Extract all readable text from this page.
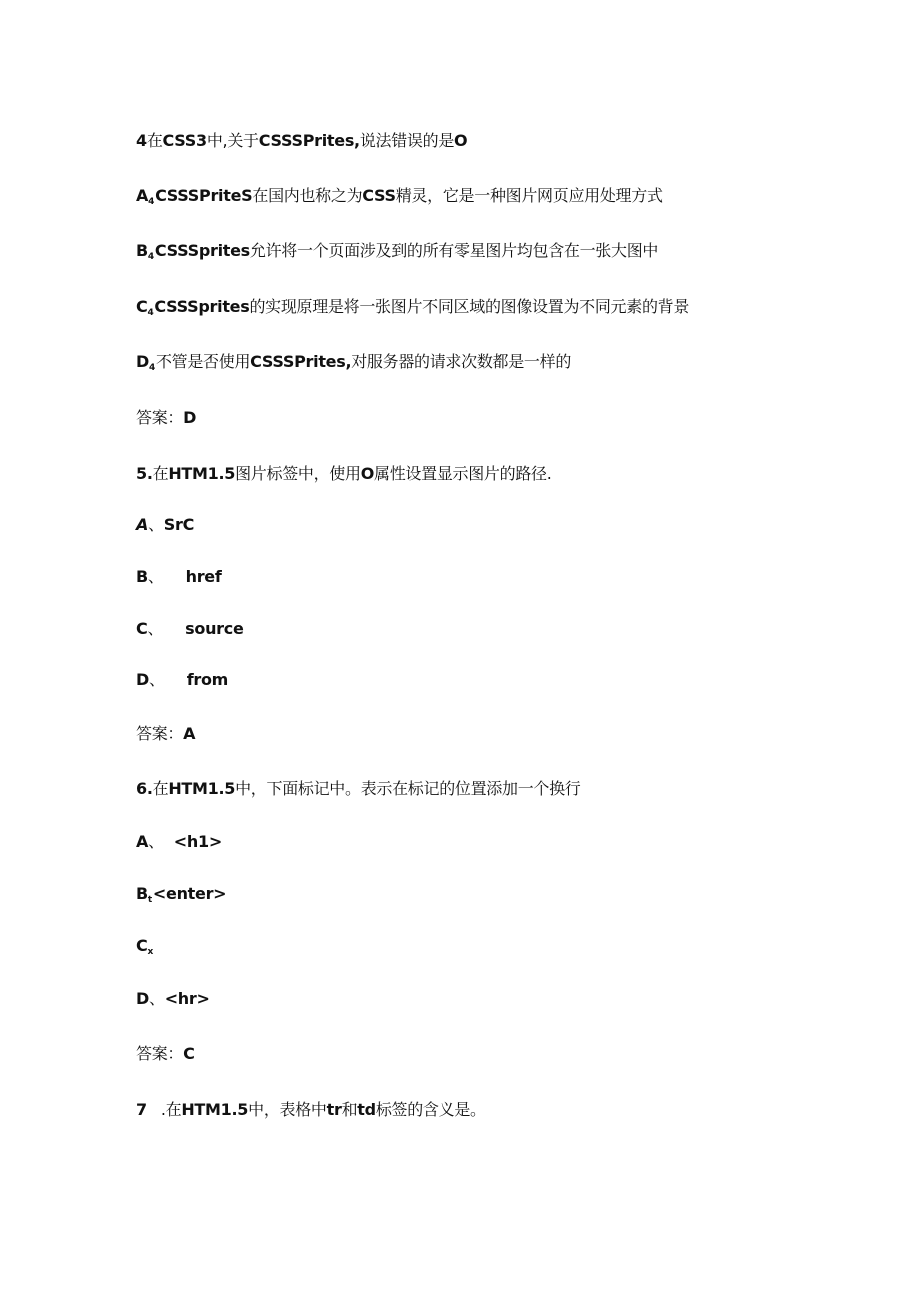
4在CSS3中,关于CSSSPrites,说法错误的是O
$A_4CSSSPriteS$在国内也称之为CSS精灵，它是一种图片网页应用处理方式
$B_4CSSSprites$允许将一个页面涉及到的所有零星图片均包含在一张大图中
$C_4CSSSprites$的实现原理是将一张图片不同区域的图像设置为不同元素的背景
$D_4$不管是否使用CSSSPrites,对服务器的请求次数都是一样的
答案：D
5.在HTM1.5图片标签中，使用O属性设置显示图片的路径.
A、SrC
B、 href
C、 source
D、 from
答案：A
6.在HTM1.5中，下面标记中。表示在标记的位置添加一个换行
A、 <h1>
$B_t<enter>$
$C_x$
D、<hr>
答案：C
7 .在HTM1.5中，表格中tr和td标签的含义是。
